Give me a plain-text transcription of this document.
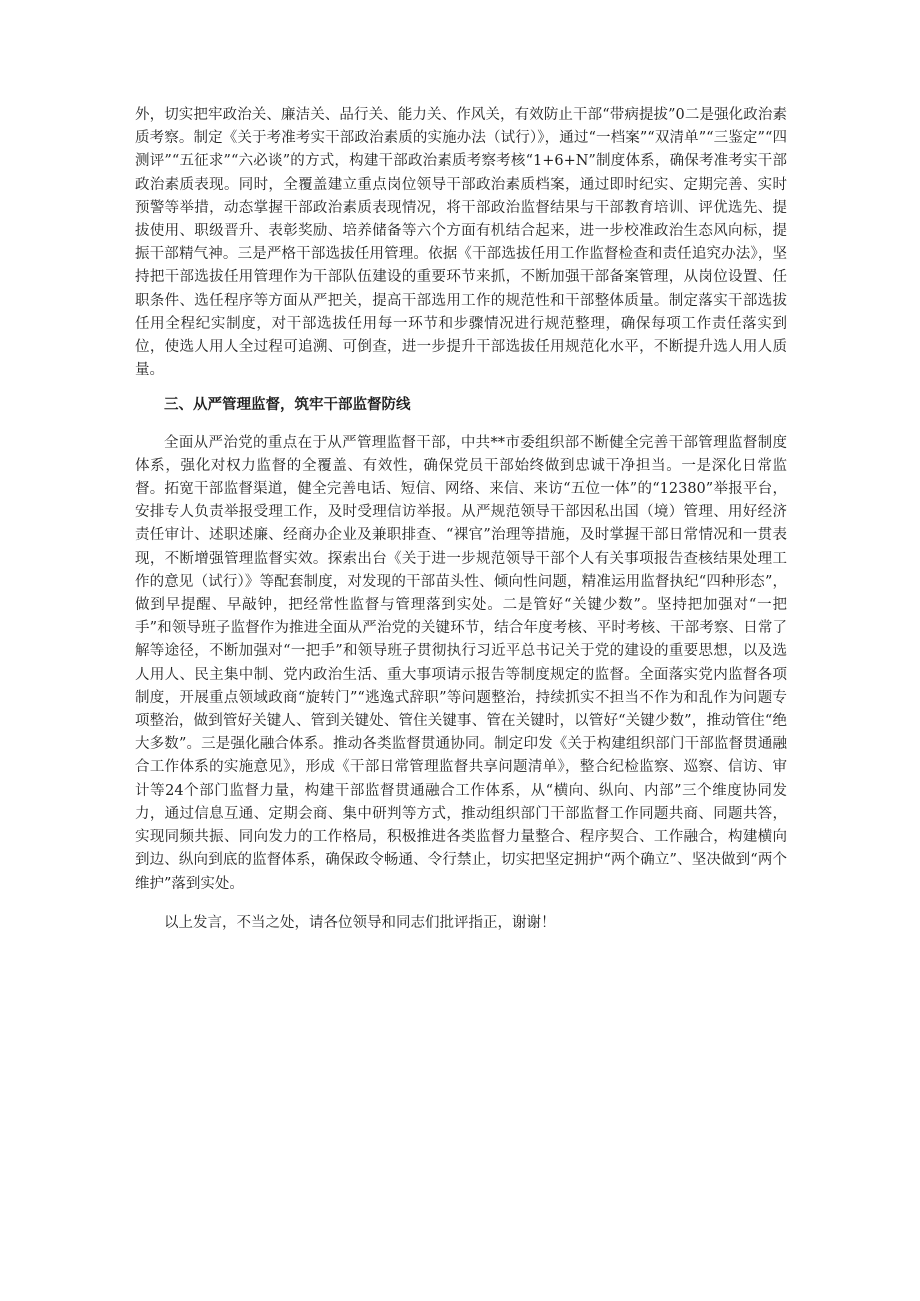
外，切实把牢政治关、廉洁关、品行关、能力关、作风关，有效防止干部“带病提拔”0二是强化政治素质考察。制定《关于考准考实干部政治素质的实施办法（试行）》，通过“一档案”“双清单”“三鉴定”“四测评”“五征求”“六必谈”的方式，构建干部政治素质考察考核“1+6+N”制度体系，确保考准考实干部政治素质表现。同时，全覆盖建立重点岗位领导干部政治素质档案，通过即时纪实、定期完善、实时预警等举措，动态掌握干部政治素质表现情况，将干部政治监督结果与干部教育培训、评优选先、提拔使用、职级晋升、表彰奖励、培养储备等六个方面有机结合起来，进一步校准政治生态风向标，提振干部精气神。三是严格干部选拔任用管理。依据《干部选拔任用工作监督检查和责任追究办法》，坚持把干部选拔任用管理作为干部队伍建设的重要环节来抓，不断加强干部备案管理，从岗位设置、任职条件、选任程序等方面从严把关，提高干部选用工作的规范性和干部整体质量。制定落实干部选拔任用全程纪实制度，对干部选拔任用每一环节和步骤情况进行规范整理，确保每项工作责任落实到位，使选人用人全过程可追溯、可倒查，进一步提升干部选拔任用规范化水平，不断提升选人用人质量。

三、从严管理监督，筑牢干部监督防线

全面从严治党的重点在于从严管理监督干部，中共**市委组织部不断健全完善干部管理监督制度体系，强化对权力监督的全覆盖、有效性，确保党员干部始终做到忠诚干净担当。一是深化日常监督。拓宽干部监督渠道，健全完善电话、短信、网络、来信、来访“五位一体”的“12380”举报平台，安排专人负责举报受理工作，及时受理信访举报。从严规范领导干部因私出国（境）管理、用好经济责任审计、述职述廉、经商办企业及兼职排查、“裸官”治理等措施，及时掌握干部日常情况和一贯表现，不断增强管理监督实效。探索出台《关于进一步规范领导干部个人有关事项报告查核结果处理工作的意见（试行）》等配套制度，对发现的干部苗头性、倾向性问题，精准运用监督执纪“四种形态”，做到早提醒、早敲钟，把经常性监督与管理落到实处。二是管好“关键少数”。坚持把加强对“一把手”和领导班子监督作为推进全面从严治党的关键环节，结合年度考核、平时考核、干部考察、日常了解等途径，不断加强对“一把手”和领导班子贯彻执行习近平总书记关于党的建设的重要思想，以及选人用人、民主集中制、党内政治生活、重大事项请示报告等制度规定的监督。全面落实党内监督各项制度，开展重点领域政商“旋转门”“逃逸式辞职”等问题整治，持续抓实不担当不作为和乱作为问题专项整治，做到管好关键人、管到关键处、管住关键事、管在关键时，以管好“关键少数”，推动管住“绝大多数”。三是强化融合体系。推动各类监督贯通协同。制定印发《关于构建组织部门干部监督贯通融合工作体系的实施意见》，形成《干部日常管理监督共享问题清单》，整合纪检监察、巡察、信访、审计等24个部门监督力量，构建干部监督贯通融合工作体系，从“横向、纵向、内部”三个维度协同发力，通过信息互通、定期会商、集中研判等方式，推动组织部门干部监督工作同题共商、同题共答，实现同频共振、同向发力的工作格局，积极推进各类监督力量整合、程序契合、工作融合，构建横向到边、纵向到底的监督体系，确保政令畅通、令行禁止，切实把坚定拥护“两个确立”、坚决做到“两个维护”落到实处。

以上发言，不当之处，请各位领导和同志们批评指正，谢谢！
